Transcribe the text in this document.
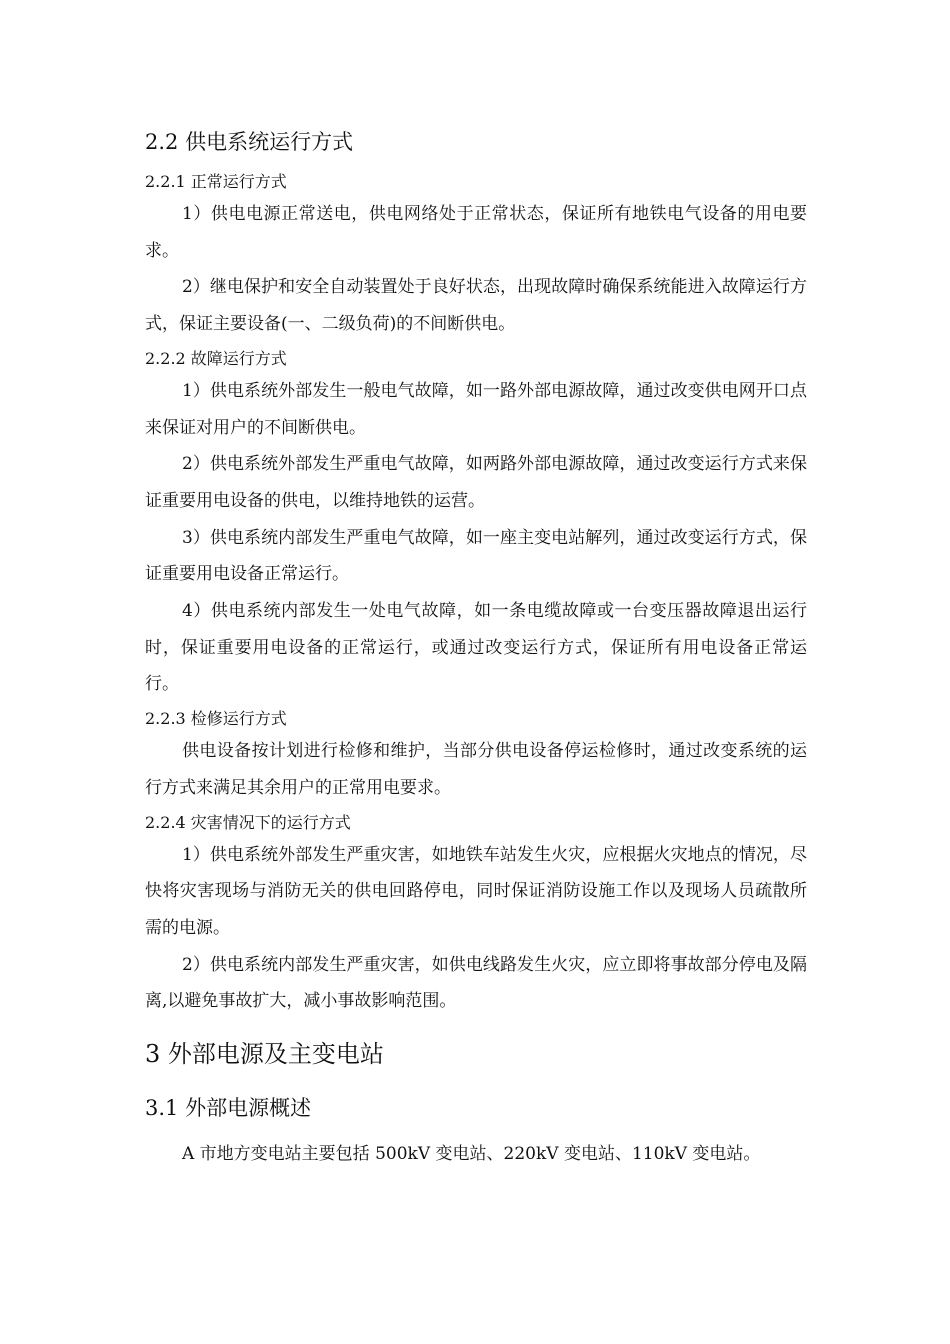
2.2 供电系统运行方式
2.2.1 正常运行方式

1）供电电源正常送电，供电网络处于正常状态，保证所有地铁电气设备的用电要求。

2）继电保护和安全自动装置处于良好状态，出现故障时确保系统能进入故障运行方式，保证主要设备(一、二级负荷)的不间断供电。

2.2.2 故障运行方式

1）供电系统外部发生一般电气故障，如一路外部电源故障，通过改变供电网开口点来保证对用户的不间断供电。

2）供电系统外部发生严重电气故障，如两路外部电源故障，通过改变运行方式来保证重要用电设备的供电，以维持地铁的运营。

3）供电系统内部发生严重电气故障，如一座主变电站解列，通过改变运行方式，保证重要用电设备正常运行。

4）供电系统内部发生一处电气故障，如一条电缆故障或一台变压器故障退出运行时，保证重要用电设备的正常运行，或通过改变运行方式，保证所有用电设备正常运行。

2.2.3 检修运行方式

供电设备按计划进行检修和维护，当部分供电设备停运检修时，通过改变系统的运行方式来满足其余用户的正常用电要求。

2.2.4 灾害情况下的运行方式

1）供电系统外部发生严重灾害，如地铁车站发生火灾，应根据火灾地点的情况，尽快将灾害现场与消防无关的供电回路停电，同时保证消防设施工作以及现场人员疏散所需的电源。

2）供电系统内部发生严重灾害，如供电线路发生火灾，应立即将事故部分停电及隔离,以避免事故扩大，减小事故影响范围。

3 外部电源及主变电站
3.1 外部电源概述

A 市地方变电站主要包括 500kV 变电站、220kV 变电站、110kV 变电站。
